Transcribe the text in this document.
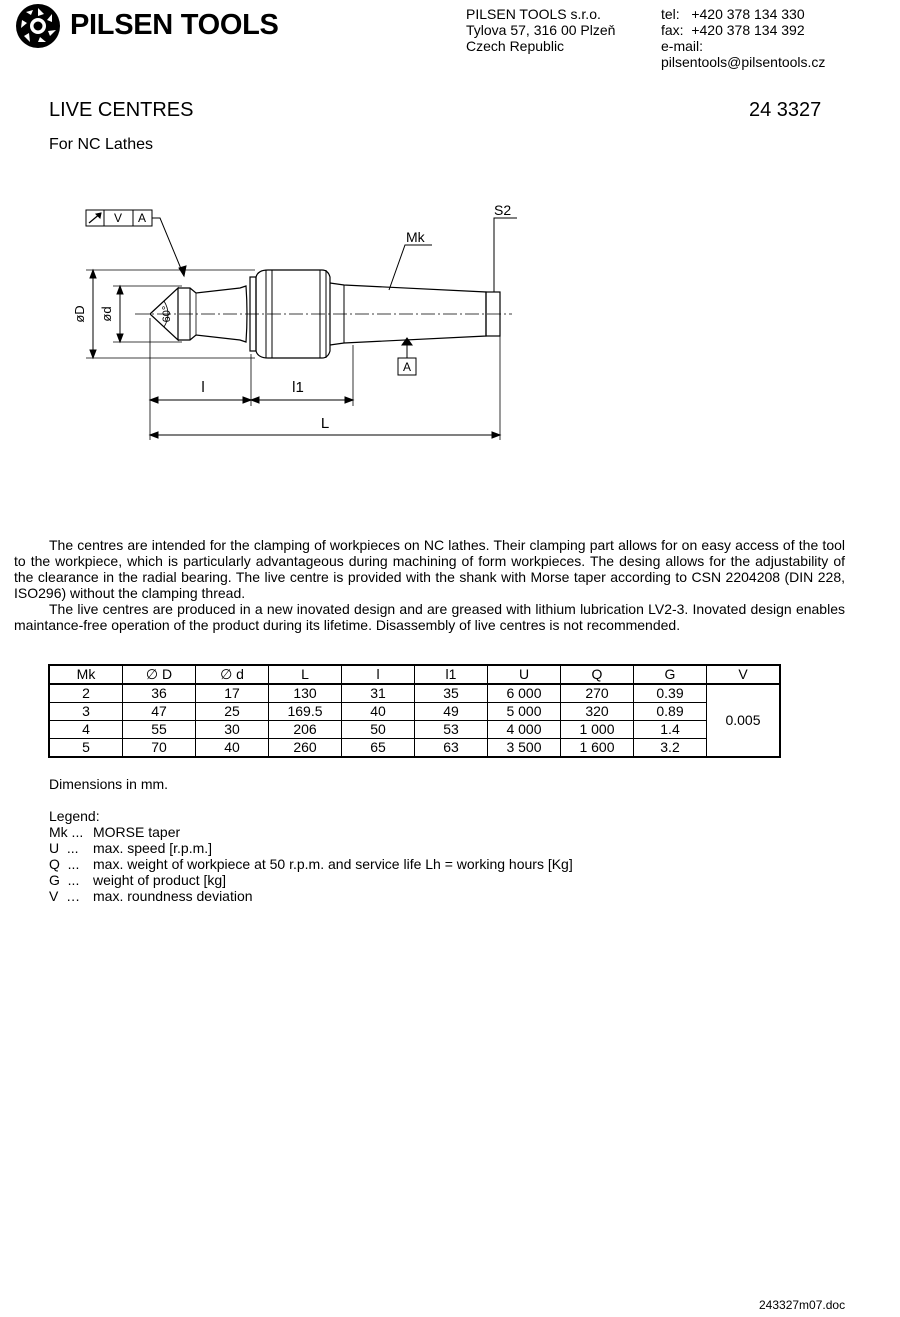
PILSEN TOOLS	PILSEN TOOLS s.r.o.
Tylova 57, 316 00 Plzeň
Czech Republic
tel:   +420 378 134 330
fax:  +420 378 134 392
e-mail:
pilsentools@pilsentools.cz
LIVE CENTRES	24 3327
For NC Lathes
V A
øD ød	60°
Mk
S2
A
l	l1
L

The centres are intended for the clamping of workpieces on NC lathes. Their clamping part allows for on easy access of the tool to the workpiece, which is particularly advantageous during machining of form workpieces. The desing allows for the adjustability of the clearance in the radial bearing. The live centre is provided with the shank with Morse taper according to CSN 2204208 (DIN 228, ISO296) without the clamping thread.

The live centres are produced in a new inovated design and are greased with lithium lubrication LV2-3. Inovated design enables maintance-free operation of the product during its lifetime. Disassembly of live centres is not recommended.

Mk	∅ D	∅ d	L	l	l1	U	Q	G	V
2	36	17	130	31	35	6 000	270	0.39	0.005
3	47	25	169.5	40	49	5 000	320	0.89	
4	55	30	206	50	53	4 000	1 000	1.4	
5	70	40	260	65	63	3 500	1 600	3.2	
Dimensions in mm.
Legend:
Mk ... MORSE taper
U  ...	max. speed [r.p.m.]
Q  ... max. weight of workpiece at 50 r.p.m. and service life Lh = working hours [Kg]
G  ... weight of product [kg]
V  … max. roundness deviation
243327m07.doc
